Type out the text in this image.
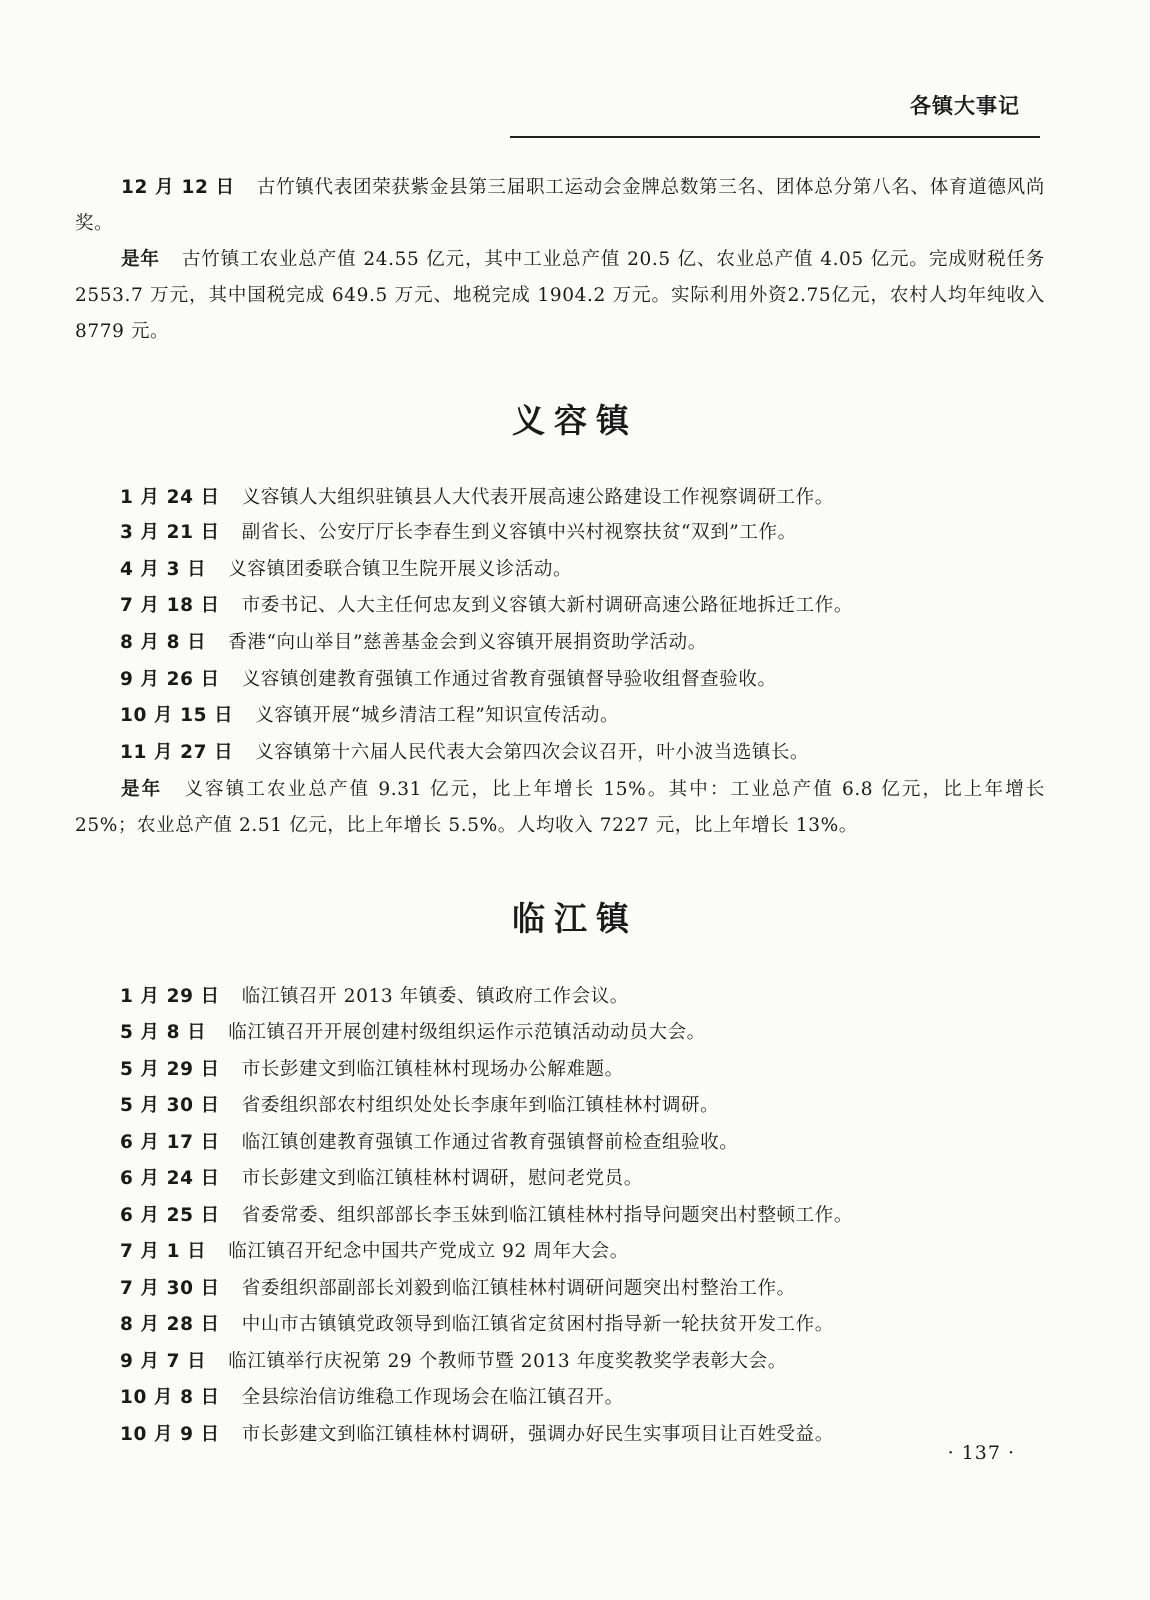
各镇大事记

12 月 12 日 古竹镇代表团荣获紫金县第三届职工运动会金牌总数第三名、团体总分第八名、体育道德风尚奖。

是年 古竹镇工农业总产值 24.55 亿元，其中工业总产值 20.5 亿、农业总产值 4.05 亿元。完成财税任务 2553.7 万元，其中国税完成 649.5 万元、地税完成 1904.2 万元。实际利用外资2.75亿元，农村人均年纯收入 8779 元。

义容镇
1 月 24 日 义容镇人大组织驻镇县人大代表开展高速公路建设工作视察调研工作。
3 月 21 日 副省长、公安厅厅长李春生到义容镇中兴村视察扶贫“双到”工作。
4 月 3 日 义容镇团委联合镇卫生院开展义诊活动。
7 月 18 日 市委书记、人大主任何忠友到义容镇大新村调研高速公路征地拆迁工作。
8 月 8 日 香港“向山举目”慈善基金会到义容镇开展捐资助学活动。
9 月 26 日 义容镇创建教育强镇工作通过省教育强镇督导验收组督查验收。
10 月 15 日 义容镇开展“城乡清洁工程”知识宣传活动。
11 月 27 日 义容镇第十六届人民代表大会第四次会议召开，叶小波当选镇长。

是年 义容镇工农业总产值 9.31 亿元，比上年增长 15%。其中：工业总产值 6.8 亿元，比上年增长 25%；农业总产值 2.51 亿元，比上年增长 5.5%。人均收入 7227 元，比上年增长 13%。

临江镇
1 月 29 日 临江镇召开 2013 年镇委、镇政府工作会议。
5 月 8 日 临江镇召开开展创建村级组织运作示范镇活动动员大会。
5 月 29 日 市长彭建文到临江镇桂林村现场办公解难题。
5 月 30 日 省委组织部农村组织处处长李康年到临江镇桂林村调研。
6 月 17 日 临江镇创建教育强镇工作通过省教育强镇督前检查组验收。
6 月 24 日 市长彭建文到临江镇桂林村调研，慰问老党员。
6 月 25 日 省委常委、组织部部长李玉妹到临江镇桂林村指导问题突出村整顿工作。
7 月 1 日 临江镇召开纪念中国共产党成立 92 周年大会。
7 月 30 日 省委组织部副部长刘毅到临江镇桂林村调研问题突出村整治工作。
8 月 28 日 中山市古镇镇党政领导到临江镇省定贫困村指导新一轮扶贫开发工作。
9 月 7 日 临江镇举行庆祝第 29 个教师节暨 2013 年度奖教奖学表彰大会。
10 月 8 日 全县综治信访维稳工作现场会在临江镇召开。
10 月 9 日 市长彭建文到临江镇桂林村调研，强调办好民生实事项目让百姓受益。
· 137 ·
